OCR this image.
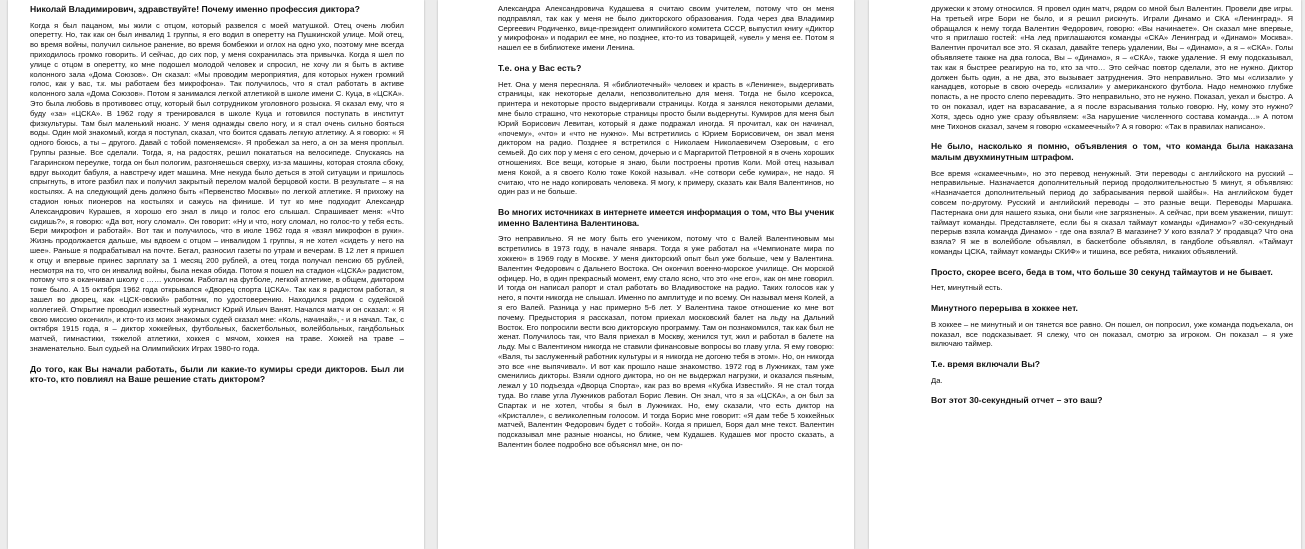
Николай Владимирович, здравствуйте! Почему именно профессия диктора?

Когда я был пацаном, мы жили с отцом, который развелся с моей матушкой. Отец очень любил оперетту. Но, так как он был инвалид 1 группы, я его водил в оперетту на Пушкинской улице. Мой отец, во время войны, получил сильное ранение, во время бомбежки и оглох на одно ухо, поэтому мне всегда приходилось громко говорить. И сейчас, до сих пор, у меня сохранилась эта привычка. Когда я шел по улице с отцом в оперетту, ко мне подошел молодой человек и спросил, не хочу ли я быть в активе колонного зала «Дома Союзов». Он сказал: «Мы проводим мероприятия, для которых нужен громкий голос, как у вас, т.к. мы работаем без микрофона». Так получилось, что я стал работать в активе колонного зала «Дома Союзов». Потом я занимался легкой атлетикой в школе имени С. Куца, в «ЦСКА». Это была любовь в противовес отцу, который был сотрудником уголовного розыска. Я сказал ему, что я буду «за» «ЦСКА». В 1962 году я тренировался в школе Куца и готовился поступать в институт физкультуры. Там был маленький нюанс. У меня однажды свело ногу, и я стал очень сильно бояться воды. Один мой знакомый, когда я поступал, сказал, что боится сдавать легкую атлетику. А я говорю: « Я одного боюсь, а ты – другого. Давай с тобой поменяемся». Я пробежал за него, а он за меня проплыл. Группы разные. Все сделали. Тогда, я, на радостях, решил покататься на велосипеде. Спускаясь на Гагаринском переулке, тогда он был пологим, разгоняешься сверху, из-за машины, которая стояла сбоку, вдруг выходит бабуля, а навстречу идет машина. Мне некуда было деться в этой ситуации и пришлось спрыгнуть, в итоге разбил пах и получил закрытый перелом малой берцовой кости. В результате – я на костылях. А на следующий день должно быть «Первенство Москвы» по легкой атлетике. Я прихожу на стадион юных пионеров на костылях и сажусь на финише. И тут ко мне подходит Александр Александрович Курашев, я хорошо его знал в лицо и голос его слышал. Спрашивает меня: «Что сидишь?», я говорю: «Да вот, ногу сломал». Он говорит: «Ну и что, ногу сломал, но голос-то у тебя есть. Бери микрофон и работай». Вот так и получилось, что в июле 1962 года я «взял микрофон в руки». Жизнь продолжается дальше, мы вдвоем с отцом – инвалидом 1 группы, я не хотел «сидеть у него на шее». Раньше я подрабатывал на почте. Бегал, разносил газеты по утрам и вечерам. В 12 лет я пришел к отцу и впервые принес зарплату за 1 месяц 200 рублей, а отец тогда получал пенсию 65 рублей, несмотря на то, что он инвалид войны, была некая обида. Потом я пошел на стадион «ЦСКА» радистом, потому что я оканчивал школу с …… уклоном. Работал на футболе, легкой атлетике, в общем, диктором тоже было. А 15 октября 1962 года открывался «Дворец спорта ЦСКА». Так как я радистом работал, я зашел во дворец, как «ЦСК-овский» работник, по удостоверению. Находился рядом с судейской коллегией. Открытие проводил известный журналист Юрий Ильич Ванят. Начался матч и он сказал: « Я свою миссию окончил», и кто-то из моих знакомых судей сказал мне: «Коль, начинай», - и я начал. Так, с октября 1915 года, я – диктор хоккейных, футбольных, баскетбольных, волейбольных, гандбольных матчей, гимнастики, тяжелой атлетики, хоккея с мячом, хоккея на траве. Хоккей на траве – знаменательно. Был судьей на Олимпийских Играх 1980-го года.

До того, как Вы начали работать, были ли какие-то кумиры среди дикторов. Был ли кто-то, кто повлиял на Ваше решение стать диктором?

Александра Александровича Кудашева я считаю своим учителем, потому что он меня подправлял, так как у меня не было дикторского образования. Года через два Владимир Сергеевич Родиченко, вице-президент олимпийского комитета СССР, выпустил книгу «Диктор у микрофона» и подарил ее мне, но позднее, кто-то из товарищей, «увел» у меня ее. Потом я нашел ее в библиотеке имени Ленина.

Т.е. она у Вас есть?

Нет. Она у меня пересняла. Я «библиотечный» человек и красть в «Ленинке», выдергивать страницы, как некоторые делали, непозволительно для меня. Тогда не было ксерокса, принтера и некоторые просто выдергивали страницы. Когда я занялся некоторыми делами, мне было страшно, что некоторые страницы просто были выдернуты. Кумиров для меня был Юрий Борисович Левитан, который я даже подражал иногда. Я прочитал, как он начинал, «почему», «что» и «что не нужно». Мы встретились с Юрием Борисовичем, он звал меня диктором на радио. Позднее я встретился с Николаем Николаевичем Озеровым, с его семьей. До сих пор у меня с его сеном, дочерью и с Маргаритой Петровной я в очень хороших отношениях. Все вещи, которые я знаю, были построены против Коли. Мой отец называл меня Кокой, а я своего Колю тоже Кокой называл. «Не сотвори себе кумира», не надо. Я считаю, что не надо копировать человека. Я могу, к примеру, сказать как Валя Валентинов, но один раз и не больше.

Во многих источниках в интернете имеется информация о том, что Вы ученик именно Валентина Валентинова.

Это неправильно. Я не могу быть его учеником, потому что с Валей Валентиновым мы встретились в 1973 году, в начале января. Тогда я уже работал на «Чемпионате мира по хоккею» в 1969 году в Москве. У меня дикторский опыт был уже больше, чем у Валентина. Валентин Федорович с Дальнего Востока. Он окончил военно-морское училище. Он морской офицер. Но, в один прекрасный момент, ему стало ясно, что это «не его», как он мне говорил. И тогда он написал рапорт и стал работать во Владивостоке на радио. Таких голосов как у него, я почти никогда не слышал. Именно по амплитуде и по всему. Он называл меня Колей, а я его Валей. Разница у нас примерно 5-6 лет. У Валентина такое отношение ко мне вот почему. Предыстория я рассказал, потом приехал московский балет на льду на Дальний Восток. Его попросили вести всю дикторскую программу. Там он познакомился, так как был не женат. Получилось так, что Валя приехал в Москву, женился тут, жил и работал в балете на льду. Мы с Валентином никогда не ставили финансовые вопросы во главу угла. Я ему говорю: «Валя, ты заслуженный работник культуры и я никогда не догоню тебя в этом». Но, он никогда это все «не выпячивал». И вот как прошло наше знакомство. 1972 год в Лужниках, там уже сменились дикторы. Взяли одного диктора, но он не выдержал нагрузки, и оказался пьяным, лежал у 10 подъезда «Дворца Спорта», как раз во время «Кубка Известий». Я не стал тогда туда. Во главе угла Лужников работал Борис Левин. Он знал, что я за «ЦСКА», а он был за Спартак и не хотел, чтобы я был в Лужниках. Но, ему сказали, что есть диктор на «Кристалле», с великолепным голосом. И тогда Борис мне говорит: «Я дам тебе 5 хоккейных матчей, Валентин Федорович будет с тобой». Когда я пришел, Боря дал мне текст. Валентин подсказывал мне разные нюансы, но ближе, чем Кудашев. Кудашев мог просто сказать, а Валентин более подробно все объяснял мне, он по-

дружески к этому относился. Я провел один матч, рядом со мной был Валентин. Провели две игры. На третьей игре Бори не было, и я решил рискнуть. Играли Динамо и СКА «Ленинград». Я обращался к нему тогда Валентин Федорович, говорю: «Вы начинаете». Он сказал мне впервые, что я приглашо гостей: «На лед приглашаются команды «СКА» Ленинград и «Динамо» Москва». Валентин прочитал все это. Я сказал, давайте теперь удалении, Вы – «Динамо», а я – «СКА». Голы объявляете также на два голоса, Вы – «Динамо», я – «СКА», также удаление. Я ему подсказывал, так как я быстрее реагирую на то, кто за что… Это сейчас повтор сделали, это не нужно. Диктор должен быть один, а не два, это вызывает затруднения. Это неправильно. Это мы «слизали» у канадцев, которые в свою очередь «слизали» у американского футбола. Надо немножко глубже попасть, а не просто слепо перевадить. Это неправильно, это не нужно. Показал, уехал и быстро. А то он показал, идет на взрасавание, а я после взрасывания только говорю. Ну, кому это нужно? Хотя, здесь одно уже сразу объявляем: «За нарушение численного состава команда…» А потом мне Тихонов сказал, зачем я говорю «скамеечный»? А я говорю: «Так в правилах написано».

Не было, насколько я помню, объявления о том, что команда была наказана малым двухминутным штрафом.

Все время «скамеечным», но это перевод ненужный. Эти переводы с английского на русский – неправильные. Назначается дополнительный период продолжительностью 5 минут, я объявляю: «Назначается дополнительный период до забрасывания первой шайбы». На английском будет совсем по-другому. Русский и английский переводы – это разные вещи. Переводы Маршака. Пастернака они для нашего языка, они были «не загрязнены». А сейчас, при всем уважении, пишут: таймаут команды. Представляете, если бы я сказал таймаут команды «Динамо»? «30-секундный перерыв взяла команда Динамо» - где она взяла? В магазине? У кого взяла? У продавца? Что она взяла? Я же в волейболе объявлял, в баскетболе объявлял, в гандболе объявлял. «Таймаут команды ЦСКА, таймаут команды СКИФ» и тишина, все ребята, никаких объявлений.

Просто, скорее всего, беда в том, что больше 30 секунд таймаутов и не бывает.

Нет, минутный есть.

Минутного перерыва в хоккее нет.

В хоккее – не минутный и он тянется все равно. Он пошел, он попросил, уже команда подъехала, он показал, все подсказывает. Я слежу, что он показал, смотрю за игроком. Он показал – я уже включаю таймер.

Т.е. время включали Вы?

Да.

Вот этот 30-секундный отчет – это ваш?
